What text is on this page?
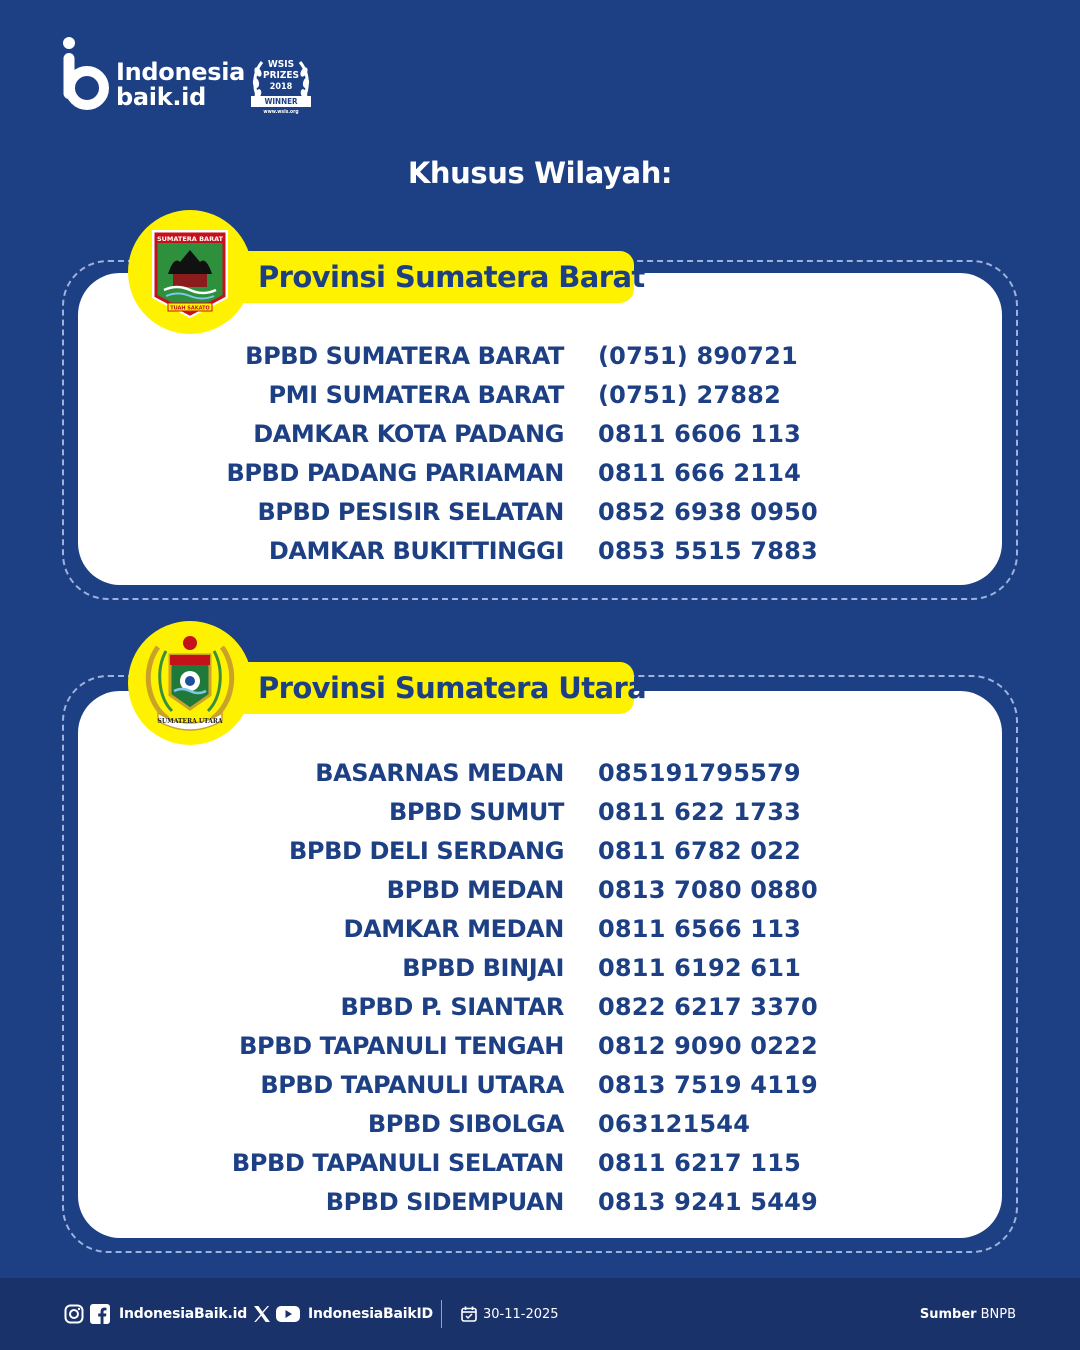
Indonesia
baik.id
WSIS
PRIZES
2018
WINNER
www.wsis.org
Khusus Wilayah:
Provinsi Sumatera Barat
SUMATERA BARAT
TUAH SAKATO
BPBD SUMATERA BARAT (0751) 890721
PMI SUMATERA BARAT (0751) 27882
DAMKAR KOTA PADANG 0811 6606 113
BPBD PADANG PARIAMAN 0811 666 2114
BPBD PESISIR SELATAN 0852 6938 0950
DAMKAR BUKITTINGGI 0853 5515 7883
Provinsi Sumatera Utara
SUMATERA UTARA
BASARNAS MEDAN 085191795579
BPBD SUMUT 0811 622 1733
BPBD DELI SERDANG 0811 6782 022
BPBD MEDAN 0813 7080 0880
DAMKAR MEDAN 0811 6566 113
BPBD BINJAI 0811 6192 611
BPBD P. SIANTAR 0822 6217 3370
BPBD TAPANULI TENGAH 0812 9090 0222
BPBD TAPANULI UTARA 0813 7519 4119
BPBD SIBOLGA 063121544
BPBD TAPANULI SELATAN 0811 6217 115
BPBD SIDEMPUAN 0813 9241 5449
IndonesiaBaik.id	IndonesiaBaikID	30-11-2025	Sumber BNPB
